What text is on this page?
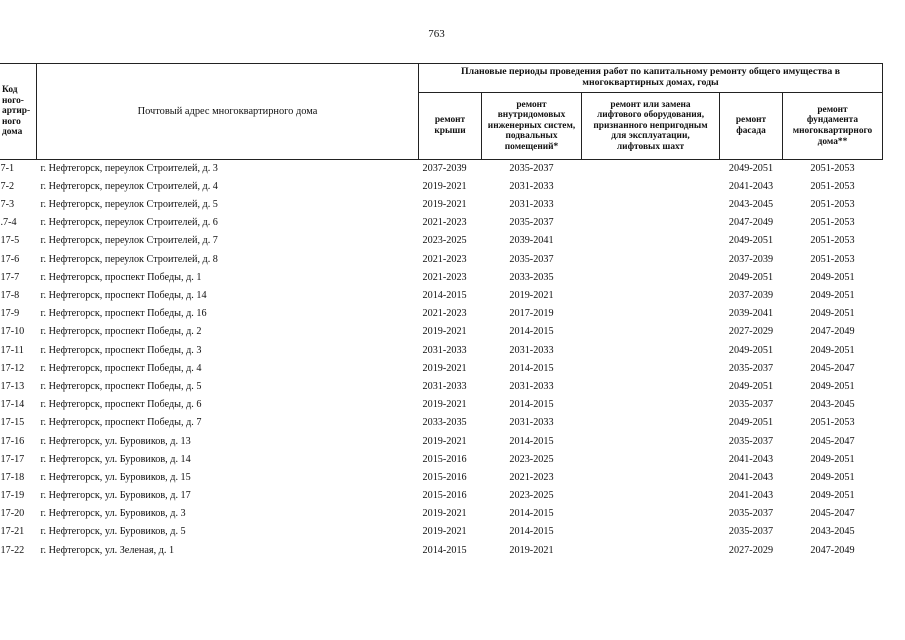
763
Код
ного-
артир-
ного
дома	Почтовый адрес многоквартирного дома	Плановые периоды проведения работ по капитальному ремонту общего имущества в многоквартирных домах, годы				
		ремонт
крыши	ремонт
внутридомовых
инженерных систем,
подвальных
помещений*	ремонт или замена
лифтового оборудования,
признанного непригодным
для эксплуатации,
лифтовых шахт	ремонт
фасада	ремонт
фундамента
многоквартирного
дома**
7-1	г. Нефтегорск, переулок Строителей, д. 3	2037-2039	2035-2037		2049-2051	2051-2053
7-2	г. Нефтегорск, переулок Строителей, д. 4	2019-2021	2031-2033		2041-2043	2051-2053
7-3	г. Нефтегорск, переулок Строителей, д. 5	2019-2021	2031-2033		2043-2045	2051-2053
.7-4	г. Нефтегорск, переулок Строителей, д. 6	2021-2023	2035-2037		2047-2049	2051-2053
17-5	г. Нефтегорск, переулок Строителей, д. 7	2023-2025	2039-2041		2049-2051	2051-2053
17-6	г. Нефтегорск, переулок Строителей, д. 8	2021-2023	2035-2037		2037-2039	2051-2053
17-7	г. Нефтегорск, проспект Победы, д. 1	2021-2023	2033-2035		2049-2051	2049-2051
17-8	г. Нефтегорск, проспект Победы, д. 14	2014-2015	2019-2021		2037-2039	2049-2051
17-9	г. Нефтегорск, проспект Победы, д. 16	2021-2023	2017-2019		2039-2041	2049-2051
17-10	г. Нефтегорск, проспект Победы, д. 2	2019-2021	2014-2015		2027-2029	2047-2049
17-11	г. Нефтегорск, проспект Победы, д. 3	2031-2033	2031-2033		2049-2051	2049-2051
17-12	г. Нефтегорск, проспект Победы, д. 4	2019-2021	2014-2015		2035-2037	2045-2047
17-13	г. Нефтегорск, проспект Победы, д. 5	2031-2033	2031-2033		2049-2051	2049-2051
17-14	г. Нефтегорск, проспект Победы, д. 6	2019-2021	2014-2015		2035-2037	2043-2045
17-15	г. Нефтегорск, проспект Победы, д. 7	2033-2035	2031-2033		2049-2051	2051-2053
17-16	г. Нефтегорск, ул. Буровиков, д. 13	2019-2021	2014-2015		2035-2037	2045-2047
17-17	г. Нефтегорск, ул. Буровиков, д. 14	2015-2016	2023-2025		2041-2043	2049-2051
17-18	г. Нефтегорск, ул. Буровиков, д. 15	2015-2016	2021-2023		2041-2043	2049-2051
17-19	г. Нефтегорск, ул. Буровиков, д. 17	2015-2016	2023-2025		2041-2043	2049-2051
17-20	г. Нефтегорск, ул. Буровиков, д. 3	2019-2021	2014-2015		2035-2037	2045-2047
17-21	г. Нефтегорск, ул. Буровиков, д. 5	2019-2021	2014-2015		2035-2037	2043-2045
17-22	г. Нефтегорск, ул. Зеленая, д. 1	2014-2015	2019-2021		2027-2029	2047-2049
